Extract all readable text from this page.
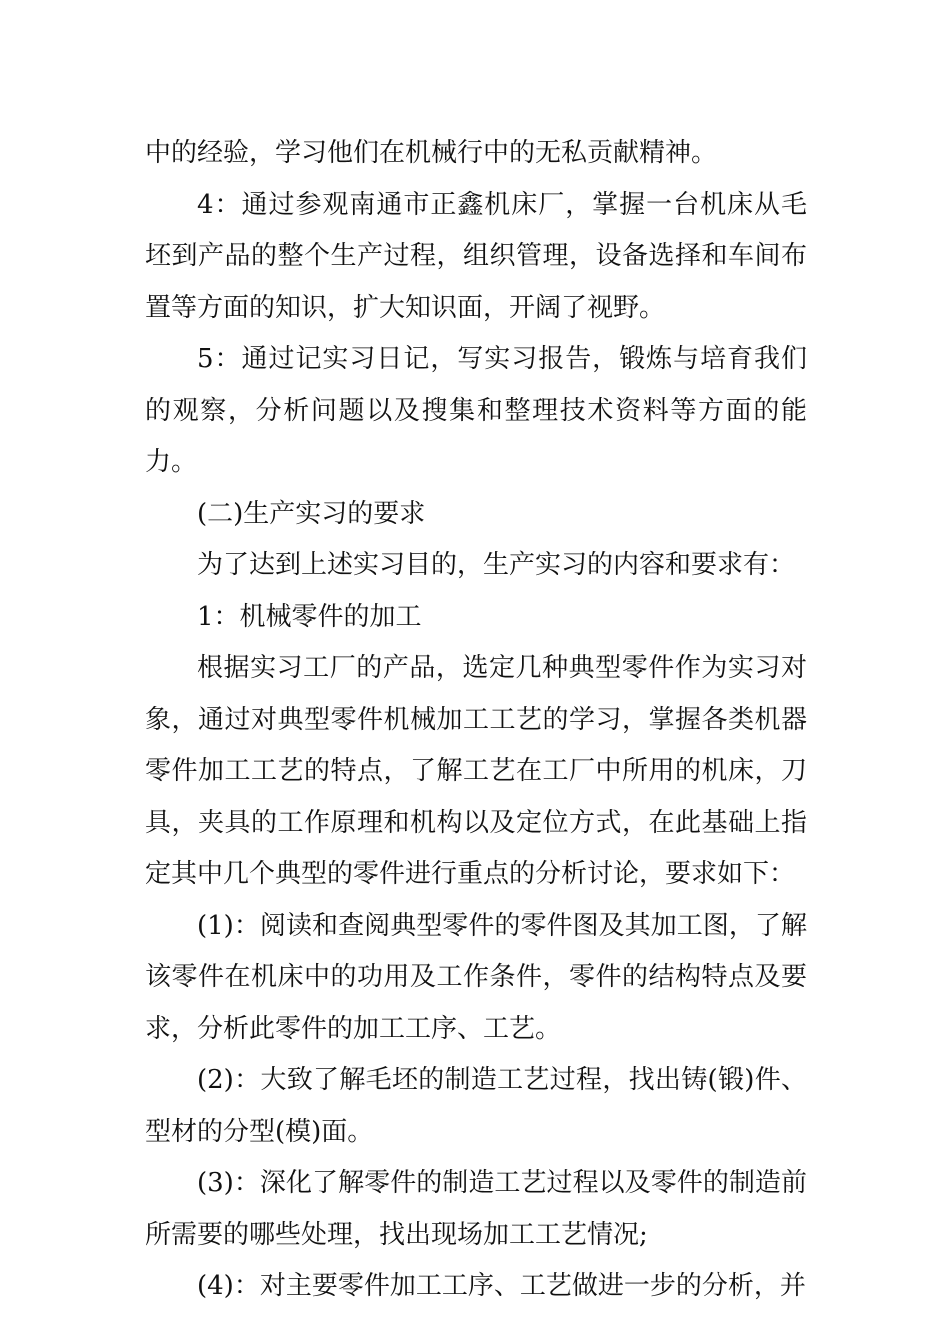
中的经验，学习他们在机械行中的无私贡献精神。

4：通过参观南通市正鑫机床厂，掌握一台机床从毛坯到产品的整个生产过程，组织管理，设备选择和车间布置等方面的知识，扩大知识面，开阔了视野。

5：通过记实习日记，写实习报告，锻炼与培育我们的观察，分析问题以及搜集和整理技术资料等方面的能力。

(二)生产实习的要求

为了达到上述实习目的，生产实习的内容和要求有：

1：机械零件的加工

根据实习工厂的产品，选定几种典型零件作为实习对象，通过对典型零件机械加工工艺的学习，掌握各类机器零件加工工艺的特点，了解工艺在工厂中所用的机床，刀具，夹具的工作原理和机构以及定位方式，在此基础上指定其中几个典型的零件进行重点的分析讨论，要求如下：

(1)：阅读和查阅典型零件的零件图及其加工图，了解该零件在机床中的功用及工作条件，零件的结构特点及要求，分析此零件的加工工序、工艺。

(2)：大致了解毛坯的制造工艺过程，找出铸(锻)件、型材的分型(模)面。

(3)：深化了解零件的制造工艺过程以及零件的制造前所需要的哪些处理，找出现场加工工艺情况;

(4)：对主要零件加工工序、工艺做进一步的分析，并
